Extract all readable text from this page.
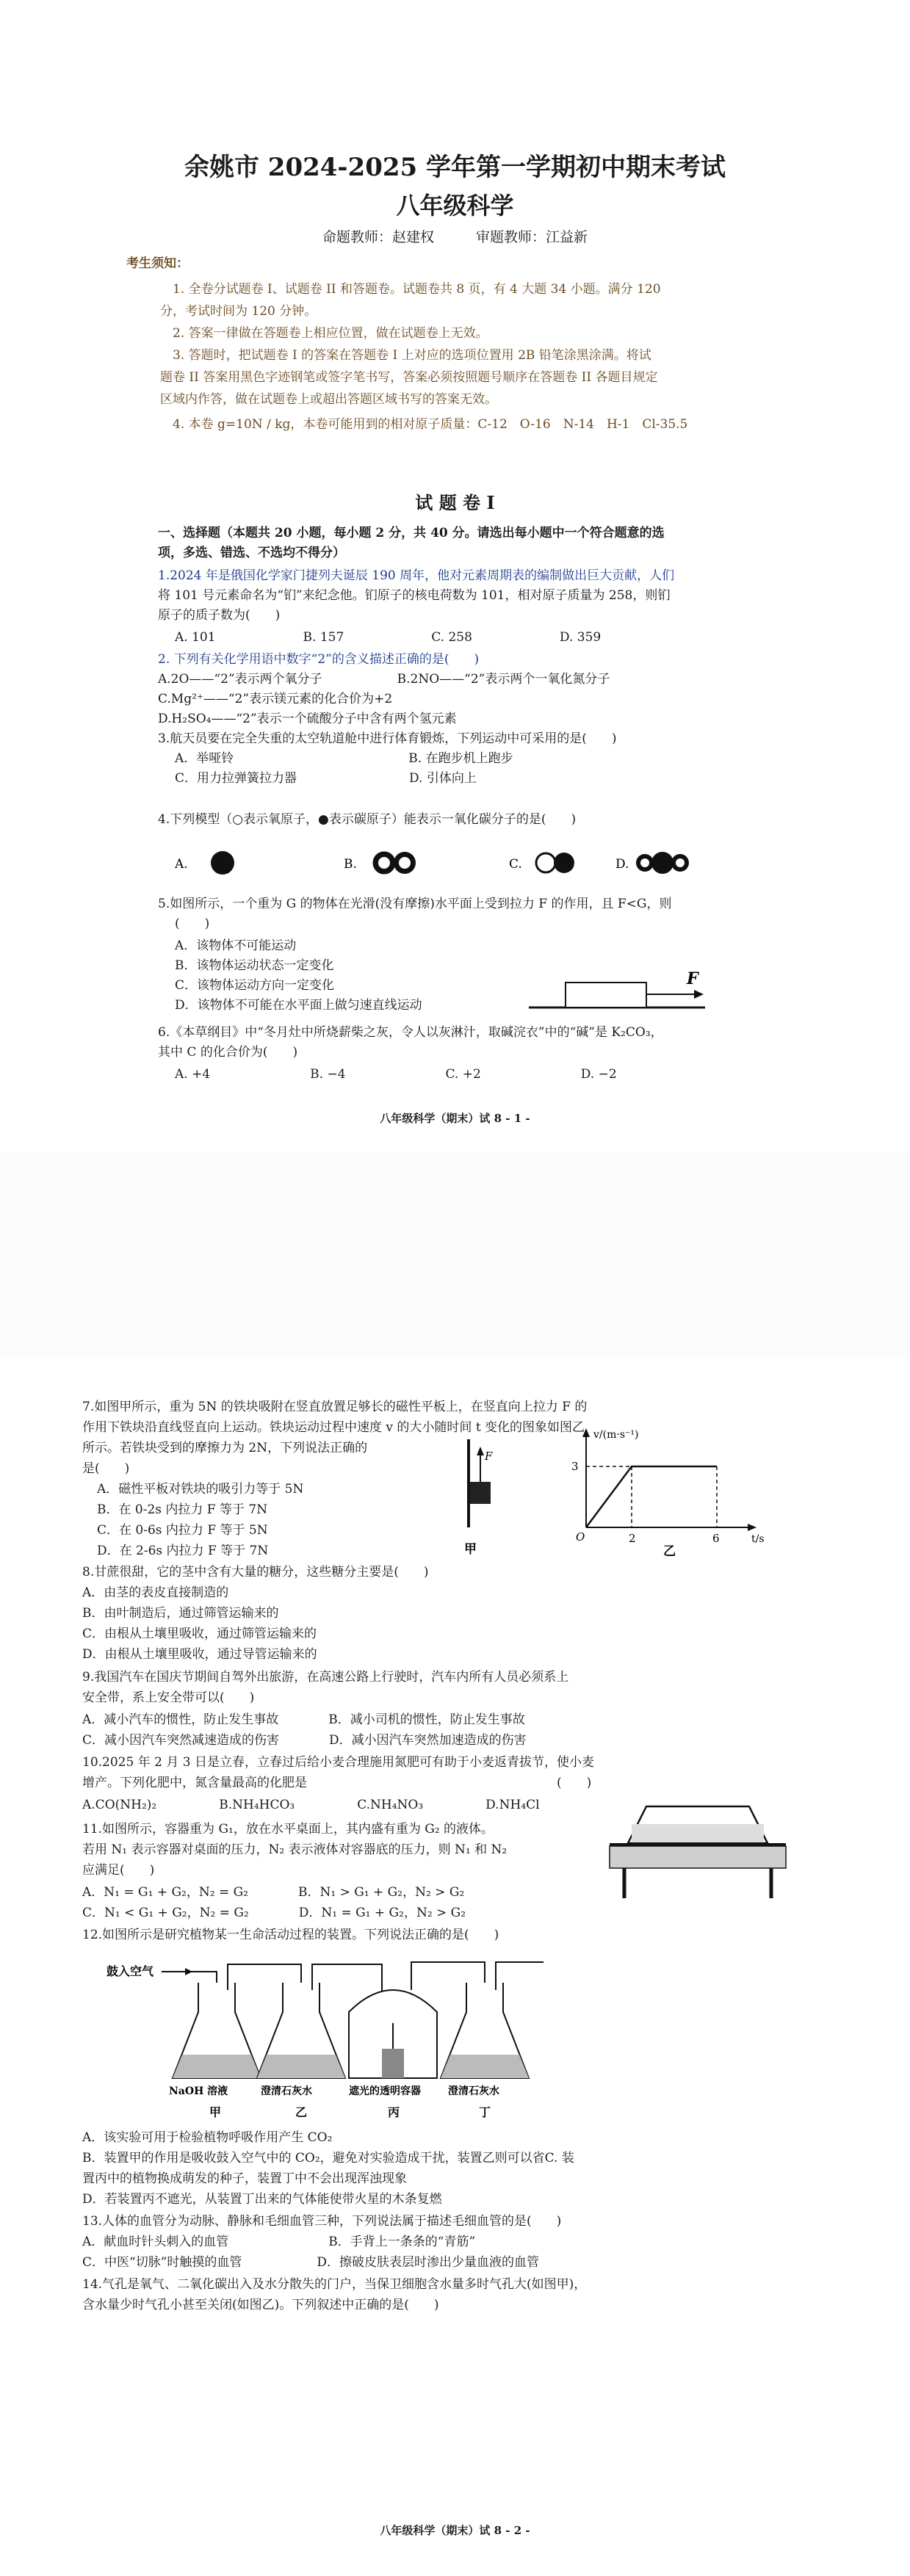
余姚市 2024-2025 学年第一学期初中期末考试
八年级科学
命题教师：赵建权　　　审题教师：江益新
考生须知：
1. 全卷分试题卷 I、试题卷 II 和答题卷。试题卷共 8 页，有 4 大题 34 小题。满分 120
分，考试时间为 120 分钟。
2. 答案一律做在答题卷上相应位置，做在试题卷上无效。
3. 答题时，把试题卷 I 的答案在答题卷 I 上对应的选项位置用 2B 铅笔涂黑涂满。将试
题卷 II 答案用黑色字迹钢笔或签字笔书写，答案必须按照题号顺序在答题卷 II 各题目规定
区域内作答，做在试题卷上或超出答题区域书写的答案无效。
4. 本卷 g=10N / kg，本卷可能用到的相对原子质量：C-12　O-16　N-14　H-1　Cl-35.5
试 题 卷 I
一、选择题（本题共 20 小题，每小题 2 分，共 40 分。请选出每小题中一个符合题意的选
项，多选、错选、不选均不得分）
1.2024 年是俄国化学家门捷列夫诞辰 190 周年，他对元素周期表的编制做出巨大贡献，人们
将 101 号元素命名为“钔”来纪念他。钔原子的核电荷数为 101，相对原子质量为 258，则钔
原子的质子数为(　　)
A. 101　　　　　　　B. 157　　　　　　　C. 258　　　　　　　D. 359
2. 下列有关化学用语中数字“2”的含义描述正确的是(　　)
A.2O——“2”表示两个氧分子　　　　　　B.2NO——“2”表示两个一氧化氮分子
C.Mg²⁺——“2”表示镁元素的化合价为+2
D.H₂SO₄——“2”表示一个硫酸分子中含有两个氢元素
3.航天员要在完全失重的太空轨道舱中进行体育锻炼，下列运动中可采用的是(　　)
A．举哑铃　　　　　　　　　　　　　　B. 在跑步机上跑步
C．用力拉弹簧拉力器　　　　　　　　　D. 引体向上
4.下列模型（○表示氧原子，●表示碳原子）能表示一氧化碳分子的是(　　)
A.	B.	C.	D.
5.如图所示，一个重为 G 的物体在光滑(没有摩擦)水平面上受到拉力 F 的作用，且 F<G，则
(　　)
A．该物体不可能运动
B．该物体运动状态一定变化
C．该物体运动方向一定变化
D．该物体不可能在水平面上做匀速直线运动
F
6.《本草纲目》中“冬月灶中所烧薪柴之灰，令人以灰淋汁，取碱浣衣”中的“碱”是 K₂CO₃，
其中 C 的化合价为(　　)
A. +4　　　　　　　　B. −4　　　　　　　　C. +2　　　　　　　　D. −2
八年级科学（期末）试 8 - 1 -
7.如图甲所示，重为 5N 的铁块吸附在竖直放置足够长的磁性平板上，在竖直向上拉力 F 的
作用下铁块沿直线竖直向上运动。铁块运动过程中速度 v 的大小随时间 t 变化的图象如图乙
所示。若铁块受到的摩擦力为 2N，下列说法正确的
是(　　)
A．磁性平板对铁块的吸引力等于 5N
B．在 0-2s 内拉力 F 等于 7N
C．在 0-6s 内拉力 F 等于 5N
D．在 2-6s 内拉力 F 等于 7N
F
甲
v/(m·s⁻¹)
t/s
3
O	2	6
乙
8.甘蔗很甜，它的茎中含有大量的糖分，这些糖分主要是(　　)
A．由茎的表皮直接制造的
B．由叶制造后，通过筛管运输来的
C．由根从土壤里吸收，通过筛管运输来的
D．由根从土壤里吸收，通过导管运输来的
9.我国汽车在国庆节期间自驾外出旅游，在高速公路上行驶时，汽车内所有人员必须系上
安全带，系上安全带可以(　　)
A．减小汽车的惯性，防止发生事故　　　　B．减小司机的惯性，防止发生事故
C．减小因汽车突然减速造成的伤害　　　　D．减小因汽车突然加速造成的伤害
10.2025 年 2 月 3 日是立春，立春过后给小麦合理施用氮肥可有助于小麦返青拔节，使小麦
增产。下列化肥中，氮含量最高的化肥是　　　　　　　　　　　　　　　　　　　　(　　)
A.CO(NH₂)₂　　　　　B.NH₄HCO₃　　　　　C.NH₄NO₃　　　　　D.NH₄Cl
11.如图所示，容器重为 G₁，放在水平桌面上，其内盛有重为 G₂ 的液体。
若用 N₁ 表示容器对桌面的压力，N₂ 表示液体对容器底的压力，则 N₁ 和 N₂
应满足(　　)
A．N₁ = G₁ + G₂，N₂ = G₂　　　　B．N₁ > G₁ + G₂，N₂ > G₂
C．N₁ < G₁ + G₂，N₂ = G₂　　　　D．N₁ = G₁ + G₂，N₂ > G₂
12.如图所示是研究植物某一生命活动过程的装置。下列说法正确的是(　　)
鼓入空气
NaOH 溶液	澄清石灰水	遮光的透明容器	澄清石灰水
甲	乙	丙	丁
A．该实验可用于检验植物呼吸作用产生 CO₂
B．装置甲的作用是吸收鼓入空气中的 CO₂，避免对实验造成干扰，装置乙则可以省C. 装
置丙中的植物换成萌发的种子，装置丁中不会出现浑浊现象
D．若装置丙不遮光，从装置丁出来的气体能使带火星的木条复燃
13.人体的血管分为动脉、静脉和毛细血管三种，下列说法属于描述毛细血管的是(　　)
A．献血时针头刺入的血管　　　　　　　　B．手背上一条条的“青筋”
C．中医“切脉”时触摸的血管　　　　　　D．擦破皮肤表层时渗出少量血液的血管
14.气孔是氧气、二氧化碳出入及水分散失的门户，当保卫细胞含水量多时气孔大(如图甲)，
含水量少时气孔小甚至关闭(如图乙)。下列叙述中正确的是(　　)
八年级科学（期末）试 8 - 2 -
